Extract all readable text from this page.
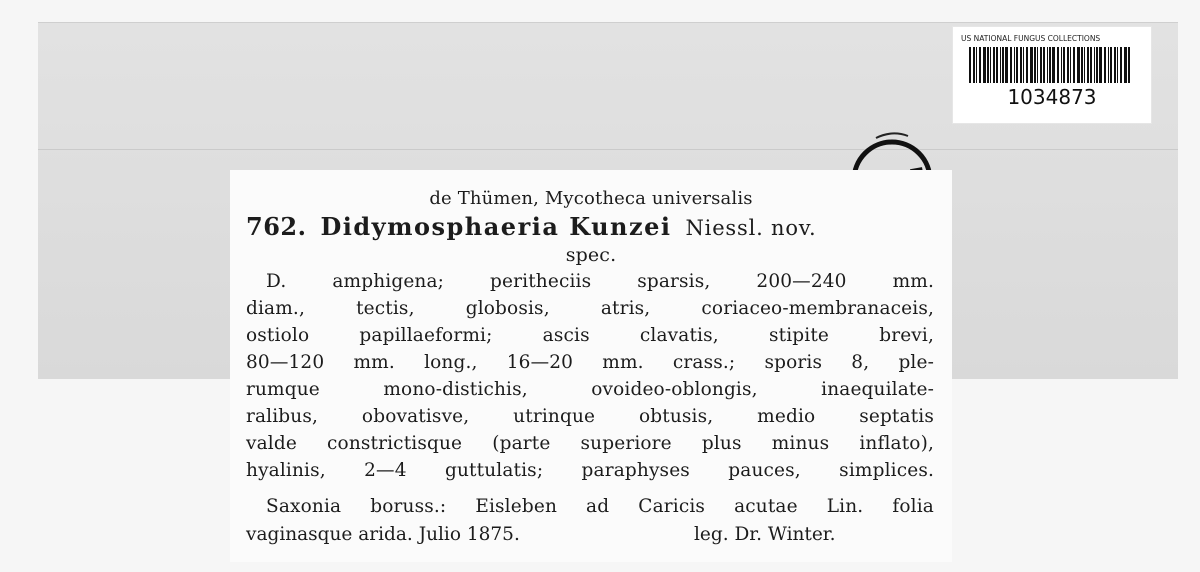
US NATIONAL FUNGUS COLLECTIONS
1034873
de Thümen, Mycotheca universalis
762. Didymosphaeria Kunzei Niessl. nov.
spec.
D. amphigena; peritheciis sparsis, 200—240 mm.
diam., tectis, globosis, atris, coriaceo-membranaceis,
ostiolo papillaeformi; ascis clavatis, stipite brevi,
80—120 mm. long., 16—20 mm. crass.; sporis 8, ple-
rumque mono-distichis, ovoideo-oblongis, inaequilate-
ralibus, obovatisve, utrinque obtusis, medio septatis
valde constrictisque (parte superiore plus minus inflato),
hyalinis, 2—4 guttulatis; paraphyses pauces, simplices.
Saxonia boruss.: Eisleben ad Caricis acutae Lin. folia
vaginasque arida. Julio 1875.	leg. Dr. Winter.
